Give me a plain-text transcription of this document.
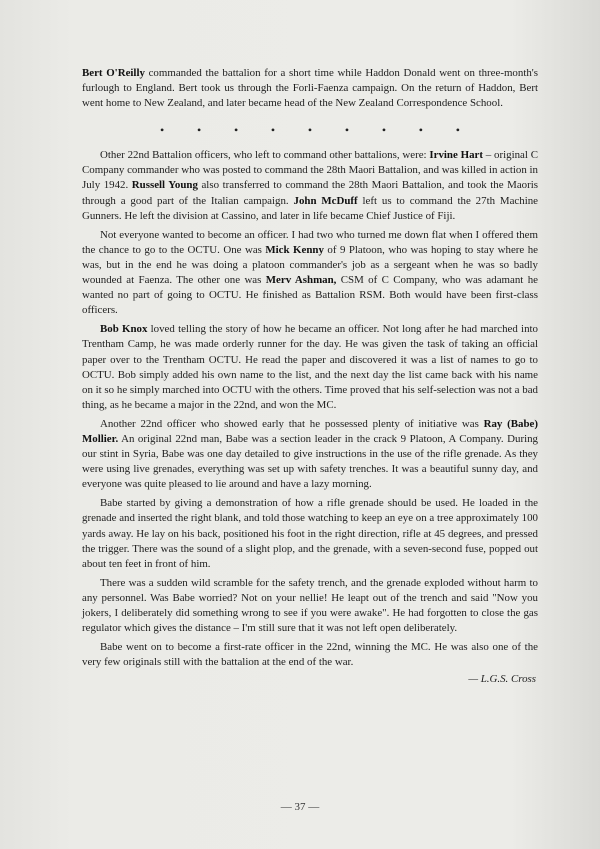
Bert O'Reilly commanded the battalion for a short time while Haddon Donald went on three-month's furlough to England. Bert took us through the Forli-Faenza campaign. On the return of Haddon, Bert went home to New Zealand, and later became head of the New Zealand Correspondence School.

•	•	•	•	•	•	•	•	•

Other 22nd Battalion officers, who left to command other battalions, were: Irvine Hart – original C Company commander who was posted to command the 28th Maori Battalion, and was killed in action in July 1942. Russell Young also transferred to command the 28th Maori Battalion, and took the Maoris through a good part of the Italian campaign. John McDuff left us to command the 27th Machine Gunners. He left the division at Cassino, and later in life became Chief Justice of Fiji.

Not everyone wanted to become an officer. I had two who turned me down flat when I offered them the chance to go to the OCTU. One was Mick Kenny of 9 Platoon, who was hoping to stay where he was, but in the end he was doing a platoon commander's job as a sergeant when he was so badly wounded at Faenza. The other one was Merv Ashman, CSM of C Company, who was adamant he wanted no part of going to OCTU. He finished as Battalion RSM. Both would have been first-class officers.

Bob Knox loved telling the story of how he became an officer. Not long after he had marched into Trentham Camp, he was made orderly runner for the day. He was given the task of taking an official paper over to the Trentham OCTU. He read the paper and discovered it was a list of names to go to OCTU. Bob simply added his own name to the list, and the next day the list came back with his name on it so he simply marched into OCTU with the others. Time proved that his self-selection was not a bad thing, as he became a major in the 22nd, and won the MC.

Another 22nd officer who showed early that he possessed plenty of initiative was Ray (Babe) Mollier. An original 22nd man, Babe was a section leader in the crack 9 Platoon, A Company. During our stint in Syria, Babe was one day detailed to give instructions in the use of the rifle grenade. As they were using live grenades, everything was set up with safety trenches. It was a beautiful sunny day, and everyone was quite pleased to lie around and have a lazy morning.

Babe started by giving a demonstration of how a rifle grenade should be used. He loaded in the grenade and inserted the right blank, and told those watching to keep an eye on a tree approximately 100 yards away. He lay on his back, positioned his foot in the right direction, rifle at 45 degrees, and pressed the trigger. There was the sound of a slight plop, and the grenade, with a seven-second fuse, popped out about ten feet in front of him.

There was a sudden wild scramble for the safety trench, and the grenade exploded without harm to any personnel. Was Babe worried? Not on your nellie! He leapt out of the trench and said "Now you jokers, I deliberately did something wrong to see if you were awake". He had forgotten to close the gas regulator which gives the distance – I'm still sure that it was not left open deliberately.

Babe went on to become a first-rate officer in the 22nd, winning the MC. He was also one of the very few originals still with the battalion at the end of the war.

— L.G.S. Cross
— 37 —
